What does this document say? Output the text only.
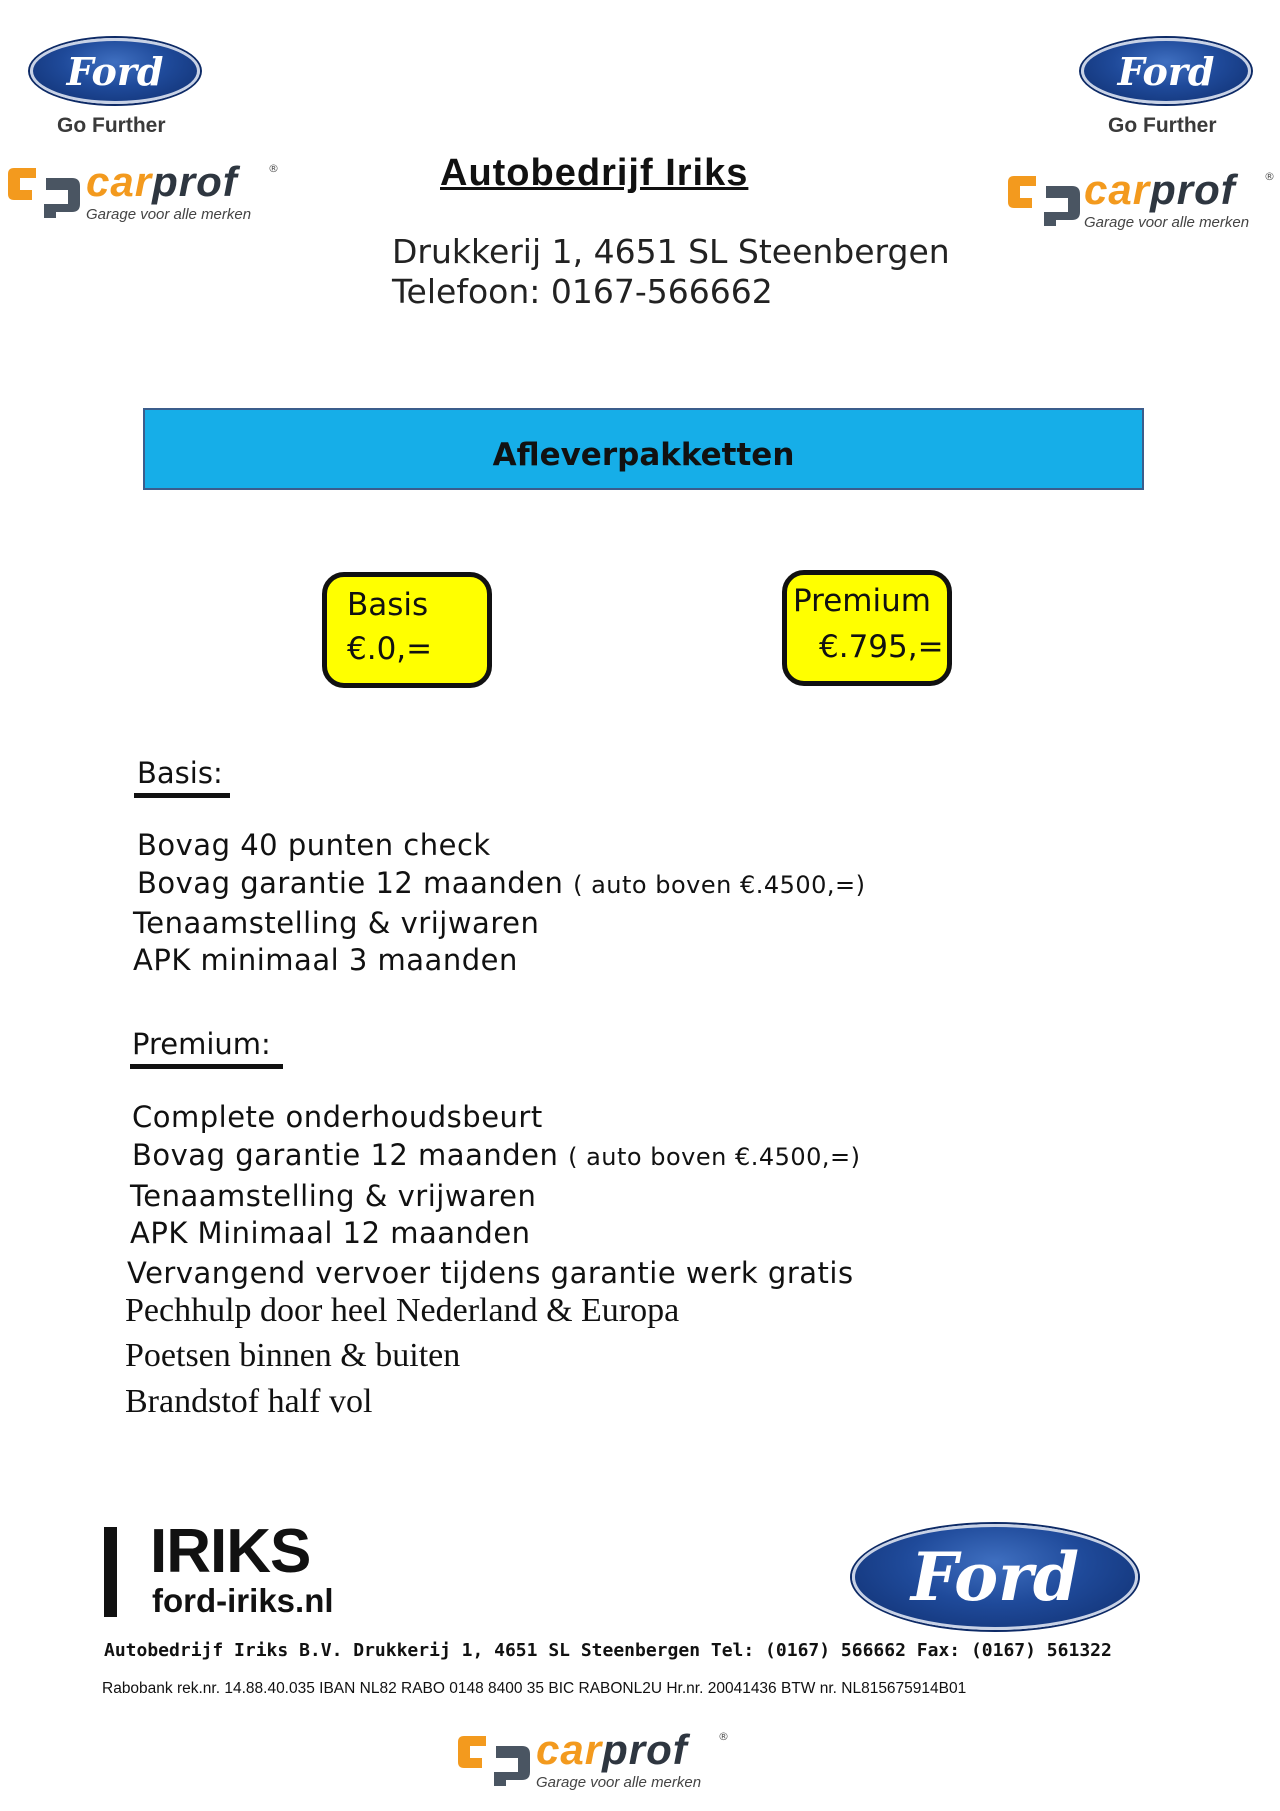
Ford
Go Further
Ford
Go Further
carprof	®
Garage voor alle merken
carprof	®
Garage voor alle merken
Autobedrijf Iriks
Drukkerij 1, 4651 SL Steenbergen
Telefoon: 0167-566662
Afleverpakketten
Basis
€.0,=
Premium
€.795,=
Basis:
Bovag 40 punten check
Bovag garantie 12 maanden ( auto boven €.4500,=)
Tenaamstelling & vrijwaren
APK minimaal 3 maanden
Premium:
Complete onderhoudsbeurt
Bovag garantie 12 maanden ( auto boven €.4500,=)
Tenaamstelling & vrijwaren
APK Minimaal 12 maanden
Vervangend vervoer tijdens garantie werk gratis
Pechhulp door heel Nederland & Europa
Poetsen binnen & buiten
Brandstof half vol
IRIKS
ford-iriks.nl	Ford
Autobedrijf Iriks B.V. Drukkerij 1, 4651 SL Steenbergen Tel: (0167) 566662 Fax: (0167) 561322
Rabobank rek.nr. 14.88.40.035 IBAN NL82 RABO 0148 8400 35 BIC RABONL2U Hr.nr. 20041436 BTW nr. NL815675914B01
carprof	®
Garage voor alle merken
